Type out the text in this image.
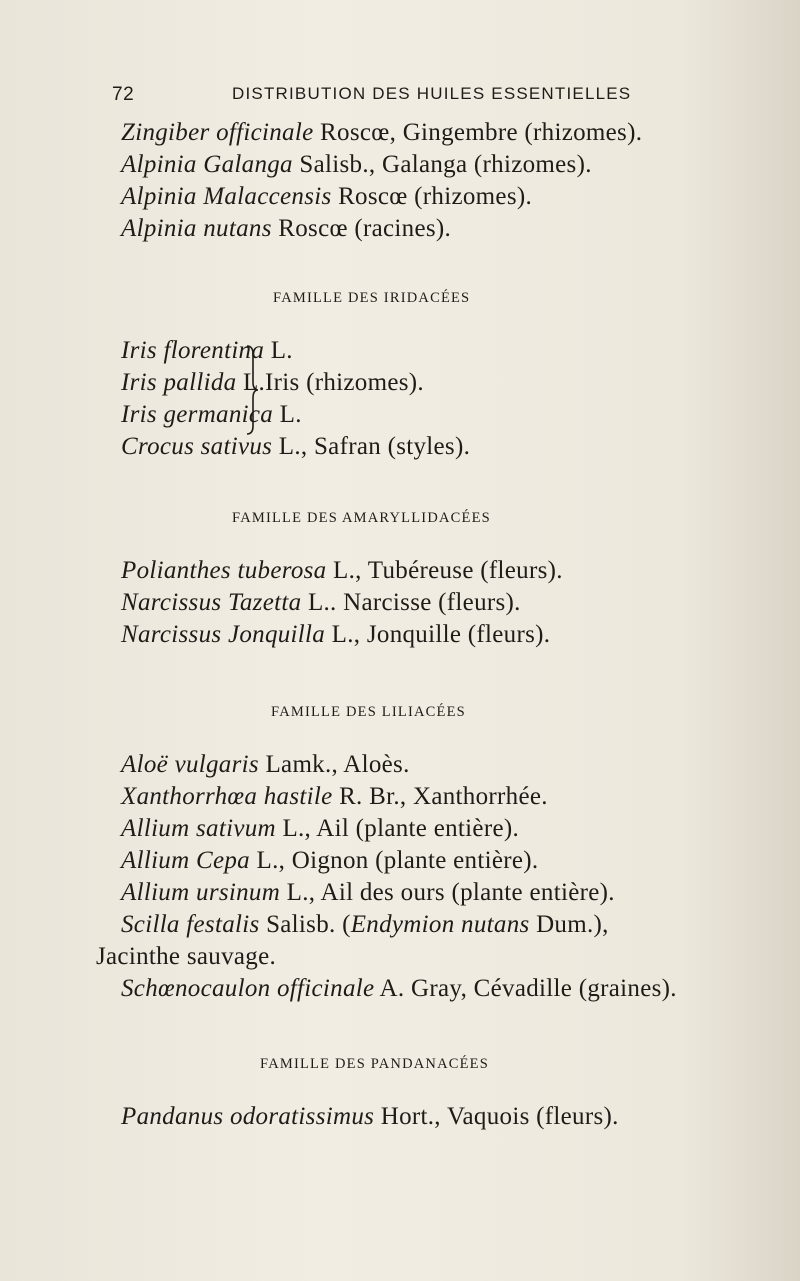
72	DISTRIBUTION DES HUILES ESSENTIELLES
Zingiber officinale Roscœ, Gingembre (rhizomes).
Alpinia Galanga Salisb., Galanga (rhizomes).
Alpinia Malaccensis Roscœ (rhizomes).
Alpinia nutans Roscœ (racines).
FAMILLE DES IRIDACÉES
Iris florentina L.
Iris pallida L.
Iris germanica L.
Iris (rhizomes).
Crocus sativus L., Safran (styles).
FAMILLE DES AMARYLLIDACÉES
Polianthes tuberosa L., Tubéreuse (fleurs).
Narcissus Tazetta L.. Narcisse (fleurs).
Narcissus Jonquilla L., Jonquille (fleurs).
FAMILLE DES LILIACÉES
Aloë vulgaris Lamk., Aloès.
Xanthorrhœa hastile R. Br., Xanthorrhée.
Allium sativum L., Ail (plante entière).
Allium Cepa L., Oignon (plante entière).
Allium ursinum L., Ail des ours (plante entière).
Scilla festalis Salisb. (Endymion nutans Dum.),
Jacinthe sauvage.
Schœnocaulon officinale A. Gray, Cévadille (graines).
FAMILLE DES PANDANACÉES
Pandanus odoratissimus Hort., Vaquois (fleurs).
